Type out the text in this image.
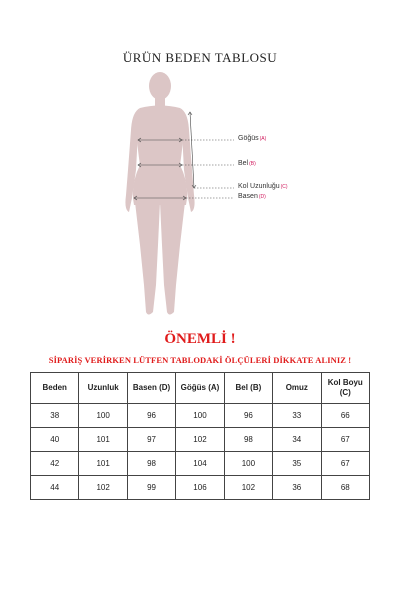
ÜRÜN BEDEN TABLOSU
Göğüs(A)
Bel(B)
Kol Uzunluğu(C)
Basen(D)
ÖNEMLİ !
SİPARİŞ VERİRKEN LÜTFEN TABLODAKİ ÖLÇÜLERİ DİKKATE ALINIZ !
Beden	Uzunluk	Basen (D)	Göğüs (A)	Bel (B)	Omuz	Kol Boyu (C)
38	100	96	100	96	33	66
40	101	97	102	98	34	67
42	101	98	104	100	35	67
44	102	99	106	102	36	68
